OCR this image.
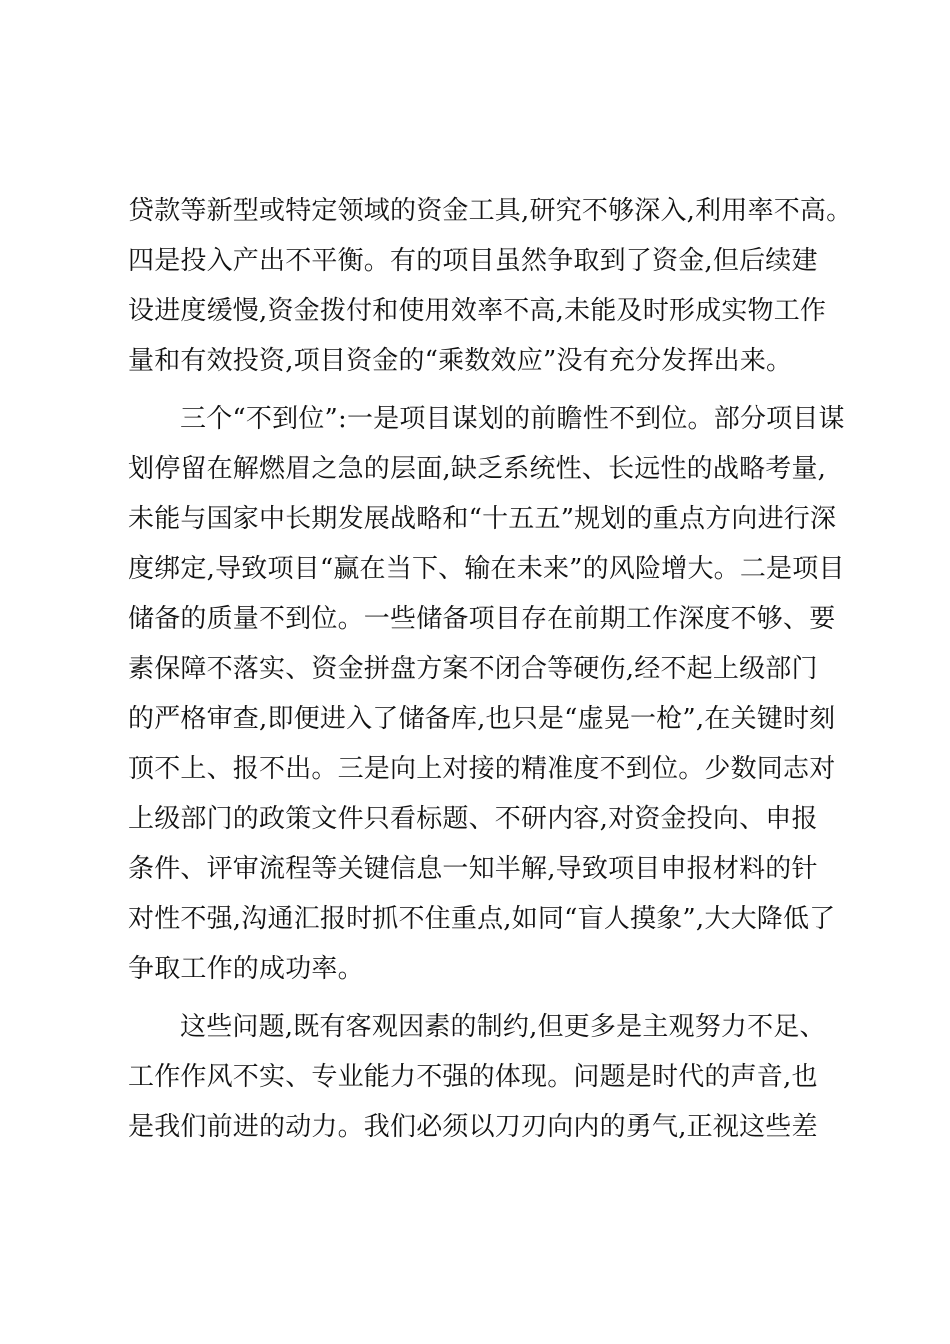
贷款等新型或特定领域的资金工具,研究不够深入,利用率不高。
四是投入产出不平衡。有的项目虽然争取到了资金,但后续建
设进度缓慢,资金拨付和使用效率不高,未能及时形成实物工作
量和有效投资,项目资金的“乘数效应”没有充分发挥出来。
三个“不到位”:一是项目谋划的前瞻性不到位。部分项目谋
划停留在解燃眉之急的层面,缺乏系统性、长远性的战略考量,
未能与国家中长期发展战略和“十五五”规划的重点方向进行深
度绑定,导致项目“赢在当下、输在未来”的风险增大。二是项目
储备的质量不到位。一些储备项目存在前期工作深度不够、要
素保障不落实、资金拼盘方案不闭合等硬伤,经不起上级部门
的严格审查,即便进入了储备库,也只是“虚晃一枪”,在关键时刻
顶不上、报不出。三是向上对接的精准度不到位。少数同志对
上级部门的政策文件只看标题、不研内容,对资金投向、申报
条件、评审流程等关键信息一知半解,导致项目申报材料的针
对性不强,沟通汇报时抓不住重点,如同“盲人摸象”,大大降低了
争取工作的成功率。
这些问题,既有客观因素的制约,但更多是主观努力不足、
工作作风不实、专业能力不强的体现。问题是时代的声音,也
是我们前进的动力。我们必须以刀刃向内的勇气,正视这些差
